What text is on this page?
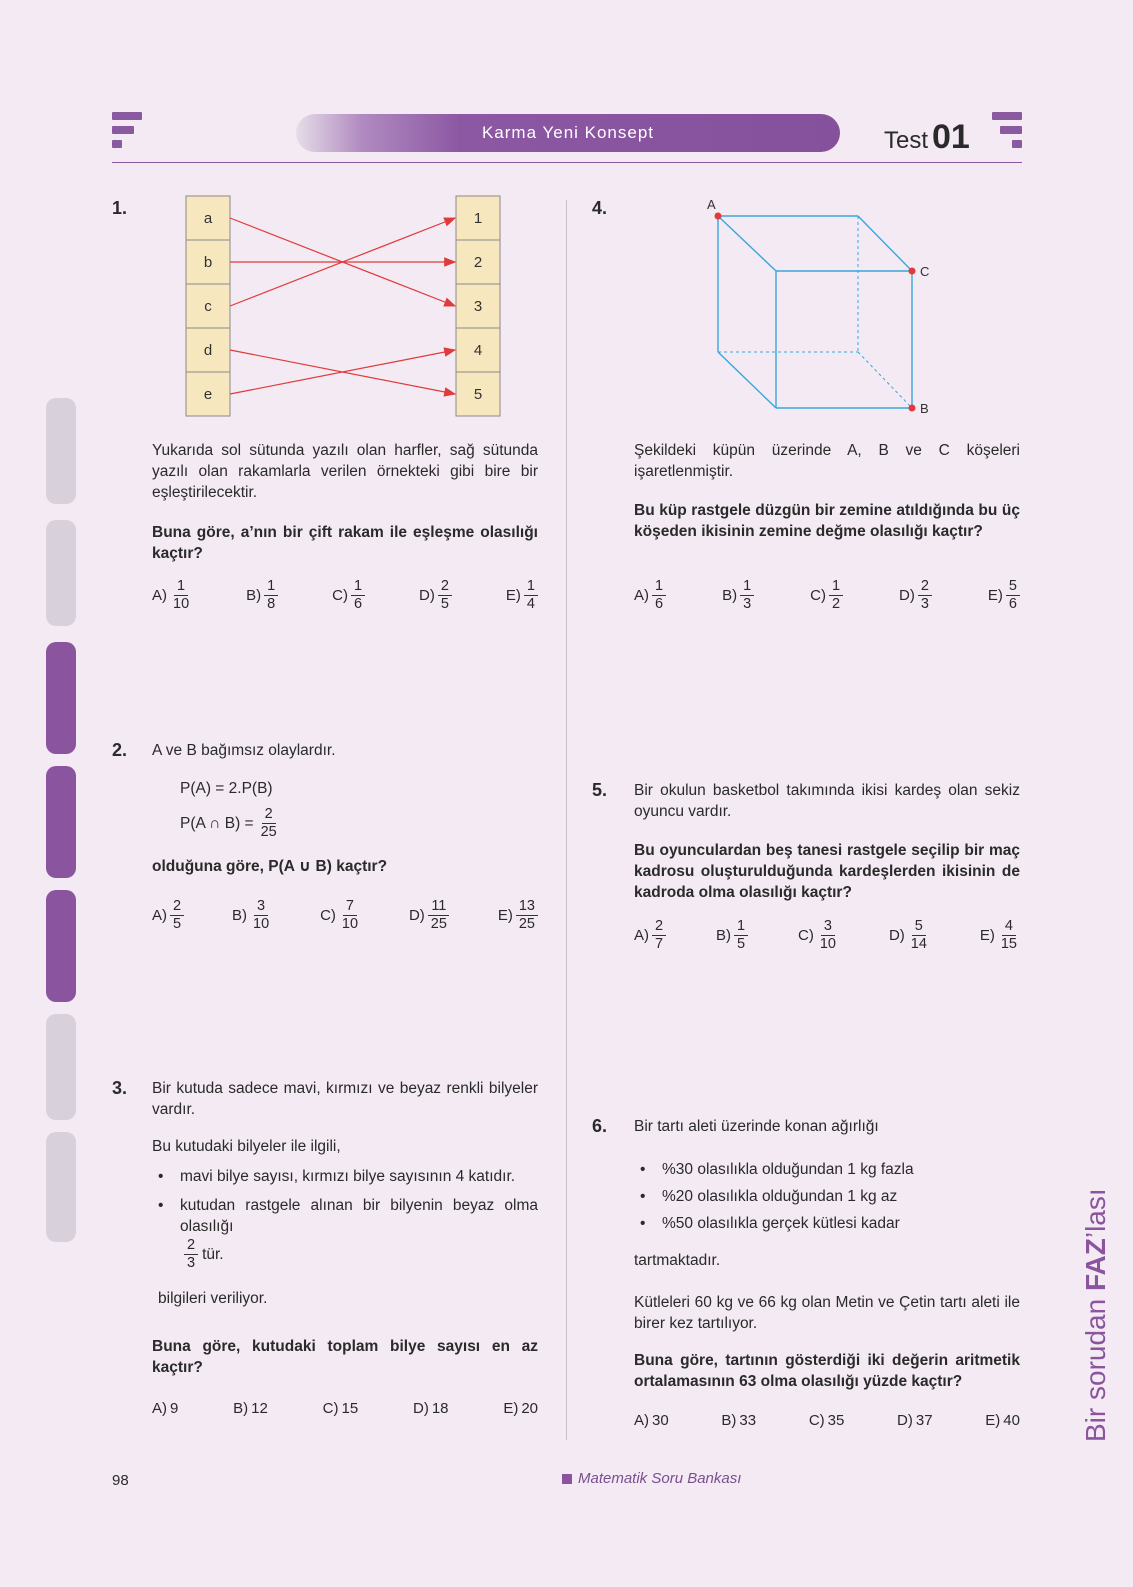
Karma Yeni Konsept	Test 01
1.
a
b
c
d
e
1
2
3
4
5
Yukarıda sol sütunda yazılı olan harfler, sağ sütunda yazılı olan rakamlarla verilen örnekteki gibi bire bir eşleştirilecektir.
Buna göre, a’nın bir çift rakam ile eşleşme olasılığı kaçtır?
$A) \frac{1}{10}$	$B) \frac{1}{8}$	$C) \frac{1}{6}$	$D) \frac{2}{5}$	$E) \frac{1}{4}$
2. A ve B bağımsız olaylardır.
P(A) = 2.P(B)
P(A ∩ $B) = \frac{2}{25}$
olduğuna göre, P(A ∪ B) kaçtır?
$A) \frac{2}{5}$	$B) \frac{3}{10}$	$C) \frac{7}{10}$	$D) \frac{11}{25}$	$E) \frac{13}{25}$
3. Bir kutuda sadece mavi, kırmızı ve beyaz renkli bilyeler vardır.
Bu kutudaki bilyeler ile ilgili,
• mavi bilye sayısı, kırmızı bilye sayısının 4 katıdır.
• kutudan rastgele alınan bir bilyenin beyaz olma olasılığı
$\frac{2}{3}$ tür.
bilgileri veriliyor.
Buna göre, kutudaki toplam bilye sayısı en az kaçtır?
A) 9	B) 12	C) 15	D) 18	E) 20
4.	A
C
B
Şekildeki küpün üzerinde A, B ve C köşeleri işaretlenmiştir.
Bu küp rastgele düzgün bir zemine atıldığında bu üç köşeden ikisinin zemine değme olasılığı kaçtır?
$A) \frac{1}{6}$	$B) \frac{1}{3}$	$C) \frac{1}{2}$	$D) \frac{2}{3}$	$E) \frac{5}{6}$
5. Bir okulun basketbol takımında ikisi kardeş olan sekiz oyuncu vardır.
Bu oyunculardan beş tanesi rastgele seçilip bir maç kadrosu oluşturulduğunda kardeşlerden ikisinin de kadroda olma olasılığı kaçtır?
$A) \frac{2}{7}$	$B) \frac{1}{5}$	$C) \frac{3}{10}$	$D) \frac{5}{14}$	$E) \frac{4}{15}$
6. Bir tartı aleti üzerinde konan ağırlığı
• %30 olasılıkla olduğundan 1 kg fazla
• %20 olasılıkla olduğundan 1 kg az
• %50 olasılıkla gerçek kütlesi kadar
tartmaktadır.
Kütleleri 60 kg ve 66 kg olan Metin ve Çetin tartı aleti ile birer kez tartılıyor.
Buna göre, tartının gösterdiği iki değerin aritmetik ortalamasının 63 olma olasılığı yüzde kaçtır?
A) 30	B) 33	C) 35	D) 37	E) 40
98	Matematik Soru Bankası
Bir sorudan FAZ’lası
